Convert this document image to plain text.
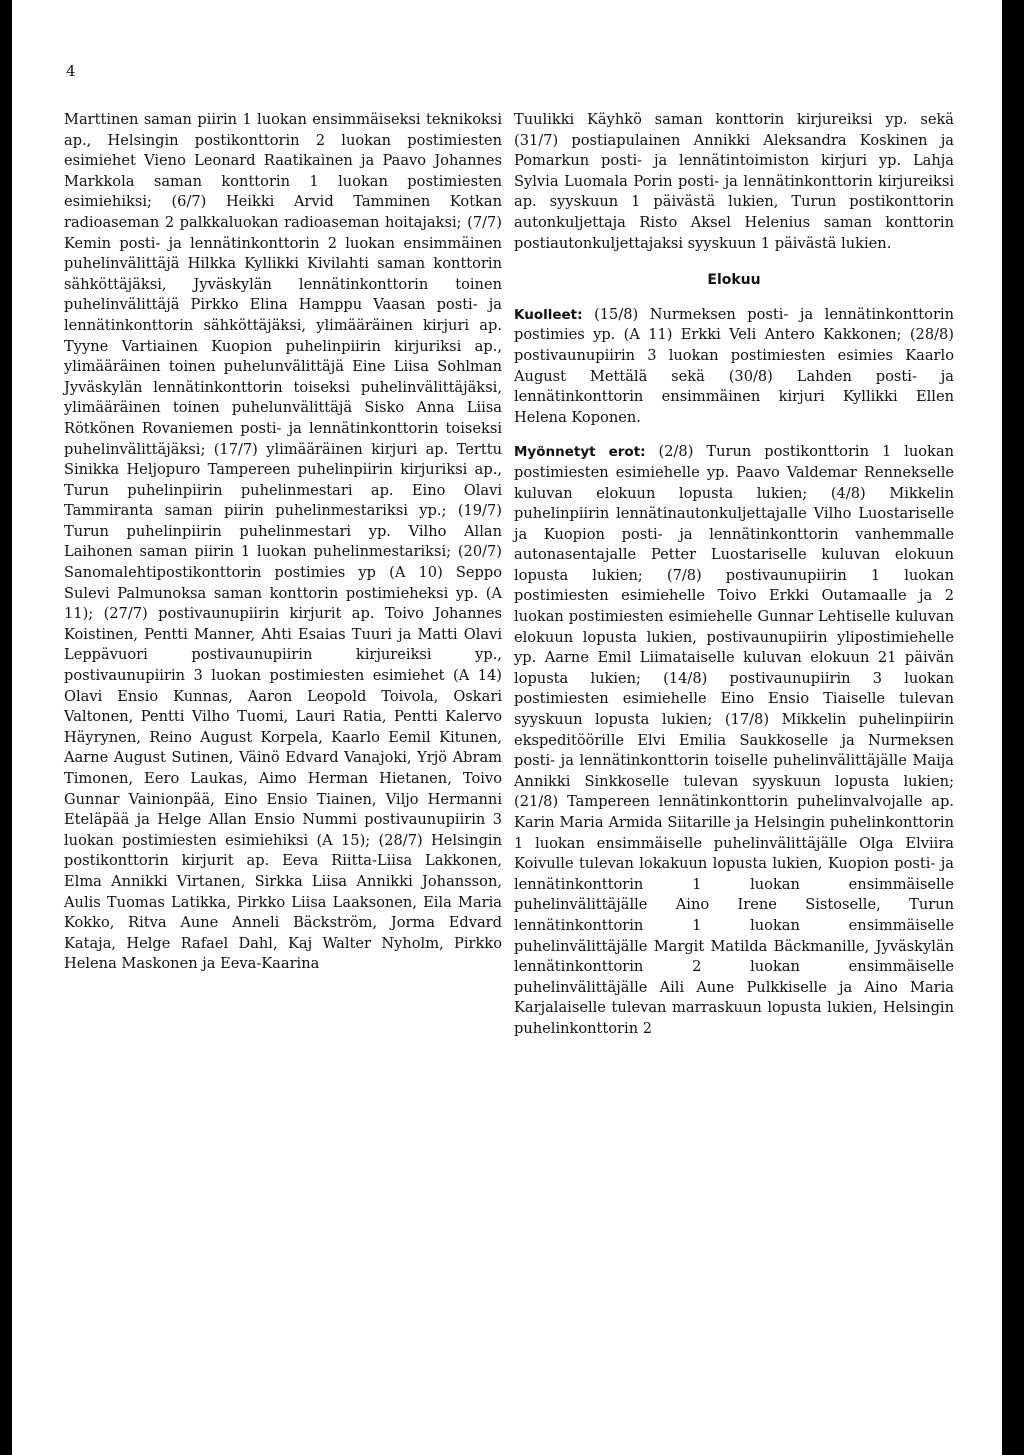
4

Marttinen saman piirin 1 luokan ensimmäiseksi teknikoksi ap., Helsingin postikonttorin 2 luokan postimiesten esimiehet Vieno Leonard Raatikainen ja Paavo Johannes Markkola saman konttorin 1 luokan postimiesten esimiehiksi; (6/7) Heikki Arvid Tamminen Kotkan radioaseman 2 palkkaluokan radioaseman hoitajaksi; (7/7) Kemin posti- ja lennätinkonttorin 2 luokan ensimmäinen puhelinvälittäjä Hilkka Kyllikki Kivilahti saman konttorin sähköttäjäksi, Jyväskylän lennätinkonttorin toinen puhelinvälittäjä Pirkko Elina Hamppu Vaasan posti- ja lennätinkonttorin sähköttäjäksi, ylimääräinen kirjuri ap. Tyyne Vartiainen Kuopion puhelinpiirin kirjuriksi ap., ylimääräinen toinen puhelunvälittäjä Eine Liisa Sohlman Jyväskylän lennätinkonttorin toiseksi puhelinvälittäjäksi, ylimääräinen toinen puhelunvälittäjä Sisko Anna Liisa Rötkönen Rovaniemen posti- ja lennätinkonttorin toiseksi puhelinvälittäjäksi; (17/7) ylimääräinen kirjuri ap. Terttu Sinikka Heljopuro Tampereen puhelinpiirin kirjuriksi ap., Turun puhelinpiirin puhelinmestari ap. Eino Olavi Tammiranta saman piirin puhelinmestariksi yp.; (19/7) Turun puhelinpiirin puhelinmestari yp. Vilho Allan Laihonen saman piirin 1 luokan puhelinmestariksi; (20/7) Sanomalehtipostikonttorin postimies yp (A 10) Seppo Sulevi Palmunoksa saman konttorin postimieheksi yp. (A 11); (27/7) postivaunupiirin kirjurit ap. Toivo Johannes Koistinen, Pentti Manner, Ahti Esaias Tuuri ja Matti Olavi Leppävuori postivaunupiirin kirjureiksi yp., postivaunupiirin 3 luokan postimiesten esimiehet (A 14) Olavi Ensio Kunnas, Aaron Leopold Toivola, Oskari Valtonen, Pentti Vilho Tuomi, Lauri Ratia, Pentti Kalervo Häyrynen, Reino August Korpela, Kaarlo Eemil Kitunen, Aarne August Sutinen, Väinö Edvard Vanajoki, Yrjö Abram Timonen, Eero Laukas, Aimo Herman Hietanen, Toivo Gunnar Vainionpää, Eino Ensio Tiainen, Viljo Hermanni Eteläpää ja Helge Allan Ensio Nummi postivaunupiirin 3 luokan postimiesten esimiehiksi (A 15); (28/7) Helsingin postikonttorin kirjurit ap. Eeva Riitta-Liisa Lakkonen, Elma Annikki Virtanen, Sirkka Liisa Annikki Johansson, Aulis Tuomas Latikka, Pirkko Liisa Laaksonen, Eila Maria Kokko, Ritva Aune Anneli Bäckström, Jorma Edvard Kataja, Helge Rafael Dahl, Kaj Walter Nyholm, Pirkko Helena Maskonen ja Eeva-Kaarina

Tuulikki Käyhkö saman konttorin kirjureiksi yp. sekä (31/7) postiapulainen Annikki Aleksandra Koskinen ja Pomarkun posti- ja lennätintoimiston kirjuri yp. Lahja Sylvia Luomala Porin posti- ja lennätinkonttorin kirjureiksi ap. syyskuun 1 päivästä lukien, Turun postikonttorin autonkuljettaja Risto Aksel Helenius saman konttorin postiautonkuljettajaksi syyskuun 1 päivästä lukien.

Elokuu

Kuolleet: (15/8) Nurmeksen posti- ja lennätinkonttorin postimies yp. (A 11) Erkki Veli Antero Kakkonen; (28/8) postivaunupiirin 3 luokan postimiesten esimies Kaarlo August Mettälä sekä (30/8) Lahden posti- ja lennätinkonttorin ensimmäinen kirjuri Kyllikki Ellen Helena Koponen.

Myönnetyt erot: (2/8) Turun postikonttorin 1 luokan postimiesten esimiehelle yp. Paavo Valdemar Rennekselle kuluvan elokuun lopusta lukien; (4/8) Mikkelin puhelinpiirin lennätinautonkuljettajalle Vilho Luostariselle ja Kuopion posti- ja lennätinkonttorin vanhemmalle autonasentajalle Petter Luostariselle kuluvan elokuun lopusta lukien; (7/8) postivaunupiirin 1 luokan postimiesten esimiehelle Toivo Erkki Outamaalle ja 2 luokan postimiesten esimiehelle Gunnar Lehtiselle kuluvan elokuun lopusta lukien, postivaunupiirin ylipostimiehelle yp. Aarne Emil Liimataiselle kuluvan elokuun 21 päivän lopusta lukien; (14/8) postivaunupiirin 3 luokan postimiesten esimiehelle Eino Ensio Tiaiselle tulevan syyskuun lopusta lukien; (17/8) Mikkelin puhelinpiirin ekspeditöörille Elvi Emilia Saukkoselle ja Nurmeksen posti- ja lennätinkonttorin toiselle puhelinvälittäjälle Maija Annikki Sinkkoselle tulevan syyskuun lopusta lukien; (21/8) Tampereen lennätinkonttorin puhelinvalvojalle ap. Karin Maria Armida Siitarille ja Helsingin puhelinkonttorin 1 luokan ensimmäiselle puhelinvälittäjälle Olga Elviira Koivulle tulevan lokakuun lopusta lukien, Kuopion posti- ja lennätinkonttorin 1 luokan ensimmäiselle puhelinvälittäjälle Aino Irene Sistoselle, Turun lennätinkonttorin 1 luokan ensimmäiselle puhelinvälittäjälle Margit Matilda Bäckmanille, Jyväskylän lennätinkonttorin 2 luokan ensimmäiselle puhelinvälittäjälle Aili Aune Pulkkiselle ja Aino Maria Karjalaiselle tulevan marraskuun lopusta lukien, Helsingin puhelinkonttorin 2
